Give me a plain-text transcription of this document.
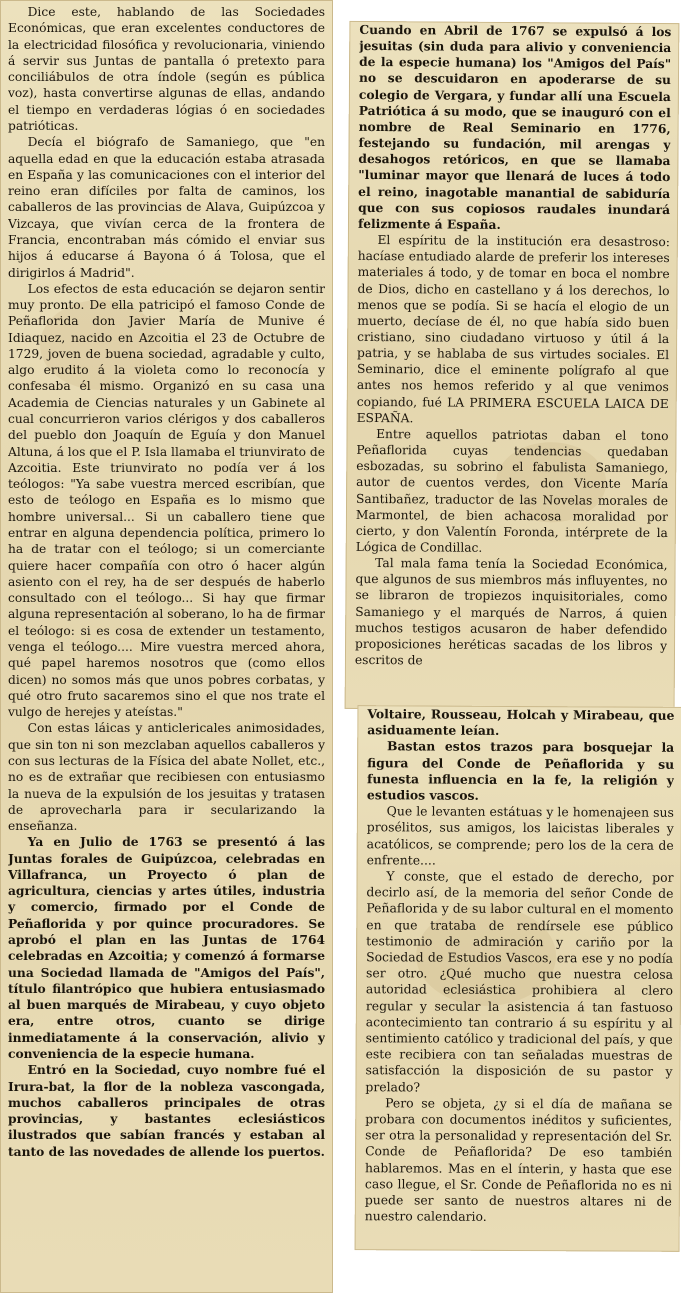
Dice este, hablando de las Sociedades Económicas, que eran excelentes conductores de la electricidad filosófica y revolucionaria, viniendo á servir sus Juntas de pantalla ó pretexto para conciliábulos de otra índole (según es pública voz), hasta convertirse algunas de ellas, andando el tiempo en verdaderas lógias ó en sociedades patrióticas.

Decía el biógrafo de Samaniego, que "en aquella edad en que la educación estaba atrasada en España y las comunicaciones con el interior del reino eran difíciles por falta de caminos, los caballeros de las provincias de Alava, Guipúzcoa y Vizcaya, que vivían cerca de la frontera de Francia, encontraban más cómido el enviar sus hijos á educarse á Bayona ó á Tolosa, que el dirigirlos á Madrid".

Los efectos de esta educación se dejaron sentir muy pronto. De ella patricipó el famoso Conde de Peñaflorida don Javier María de Munive é Idiaquez, nacido en Azcoitia el 23 de Octubre de 1729, joven de buena sociedad, agradable y culto, algo erudito á la violeta como lo reconocía y confesaba él mismo. Organizó en su casa una Academia de Ciencias naturales y un Gabinete al cual concurrieron varios clérigos y dos caballeros del pueblo don Joaquín de Eguía y don Manuel Altuna, á los que el P. Isla llamaba el triunvirato de Azcoitia. Este triunvirato no podía ver á los teólogos: "Ya sabe vuestra merced escribían, que esto de teólogo en España es lo mismo que hombre universal... Si un caballero tiene que entrar en alguna dependencia política, primero lo ha de tratar con el teólogo; si un comerciante quiere hacer compañía con otro ó hacer algún asiento con el rey, ha de ser después de haberlo consultado con el teólogo... Si hay que firmar alguna representación al soberano, lo ha de firmar el teólogo: si es cosa de extender un testamento, venga el teólogo.... Mire vuestra merced ahora, qué papel haremos nosotros que (como ellos dicen) no somos más que unos pobres corbatas, y qué otro fruto sacaremos sino el que nos trate el vulgo de herejes y ateístas."

Con estas láicas y anticlericales animosidades, que sin ton ni son mezclaban aquellos caballeros y con sus lecturas de la Física del abate Nollet, etc., no es de extrañar que recibiesen con entusiasmo la nueva de la expulsión de los jesuitas y tratasen de aprovecharla para ir secularizando la enseñanza.

Ya en Julio de 1763 se presentó á las Juntas forales de Guipúzcoa, celebradas en Villafranca, un Proyecto ó plan de agricultura, ciencias y artes útiles, industria y comercio, firmado por el Conde de Peñaflorida y por quince procuradores. Se aprobó el plan en las Juntas de 1764 celebradas en Azcoitia; y comenzó á formarse una Sociedad llamada de "Amigos del País", título filantrópico que hubiera entusiasmado al buen marqués de Mirabeau, y cuyo objeto era, entre otros, cuanto se dirige inmediatamente á la conservación, alivio y conveniencia de la especie humana.

Entró en la Sociedad, cuyo nombre fué el Irura-bat, la flor de la nobleza vascongada, muchos caballeros principales de otras provincias, y bastantes eclesiásticos ilustrados que sabían francés y estaban al tanto de las novedades de allende los puertos.

Cuando en Abril de 1767 se expulsó á los jesuitas (sin duda para alivio y conveniencia de la especie humana) los "Amigos del País" no se descuidaron en apoderarse de su colegio de Vergara, y fundar allí una Escuela Patriótica á su modo, que se inauguró con el nombre de Real Seminario en 1776, festejando su fundación, mil arengas y desahogos retóricos, en que se llamaba "luminar mayor que llenará de luces á todo el reino, inagotable manantial de sabiduría que con sus copiosos raudales inundará felizmente á España.

El espíritu de la institución era desastroso: hacíase entudiado alarde de preferir los intereses materiales á todo, y de tomar en boca el nombre de Dios, dicho en castellano y á los derechos, lo menos que se podía. Si se hacía el elogio de un muerto, decíase de él, no que había sido buen cristiano, sino ciudadano virtuoso y útil á la patria, y se hablaba de sus virtudes sociales. El Seminario, dice el eminente polígrafo al que antes nos hemos referido y al que venimos copiando, fué LA PRIMERA ESCUELA LAICA DE ESPAÑA.

Entre aquellos patriotas daban el tono Peñaflorida cuyas tendencias quedaban esbozadas, su sobrino el fabulista Samaniego, autor de cuentos verdes, don Vicente María Santibañez, traductor de las Novelas morales de Marmontel, de bien achacosa moralidad por cierto, y don Valentín Foronda, intérprete de la Lógica de Condillac.

Tal mala fama tenía la Sociedad Económica, que algunos de sus miembros más influyentes, no se libraron de tropiezos inquisitoriales, como Samaniego y el marqués de Narros, á quien muchos testigos acusaron de haber defendido proposiciones heréticas sacadas de los libros y escritos de

Voltaire, Rousseau, Holcah y Mirabeau, que asiduamente leían.

Bastan estos trazos para bosquejar la figura del Conde de Peñaflorida y su funesta influencia en la fe, la religión y estudios vascos.

Que le levanten estátuas y le homenajeen sus prosélitos, sus amigos, los laicistas liberales y acatólicos, se comprende; pero los de la cera de enfrente....

Y conste, que el estado de derecho, por decirlo así, de la memoria del señor Conde de Peñaflorida y de su labor cultural en el momento en que trataba de rendírsele ese público testimonio de admiración y cariño por la Sociedad de Estudios Vascos, era ese y no podía ser otro. ¿Qué mucho que nuestra celosa autoridad eclesiástica prohibiera al clero regular y secular la asistencia á tan fastuoso acontecimiento tan contrario á su espíritu y al sentimiento católico y tradicional del país, y que este recibiera con tan señaladas muestras de satisfacción la disposición de su pastor y prelado?

Pero se objeta, ¿y si el día de mañana se probara con documentos inéditos y suficientes, ser otra la personalidad y representación del Sr. Conde de Peñaflorida? De eso también hablaremos. Mas en el ínterin, y hasta que ese caso llegue, el Sr. Conde de Peñaflorida no es ni puede ser santo de nuestros altares ni de nuestro calendario.
